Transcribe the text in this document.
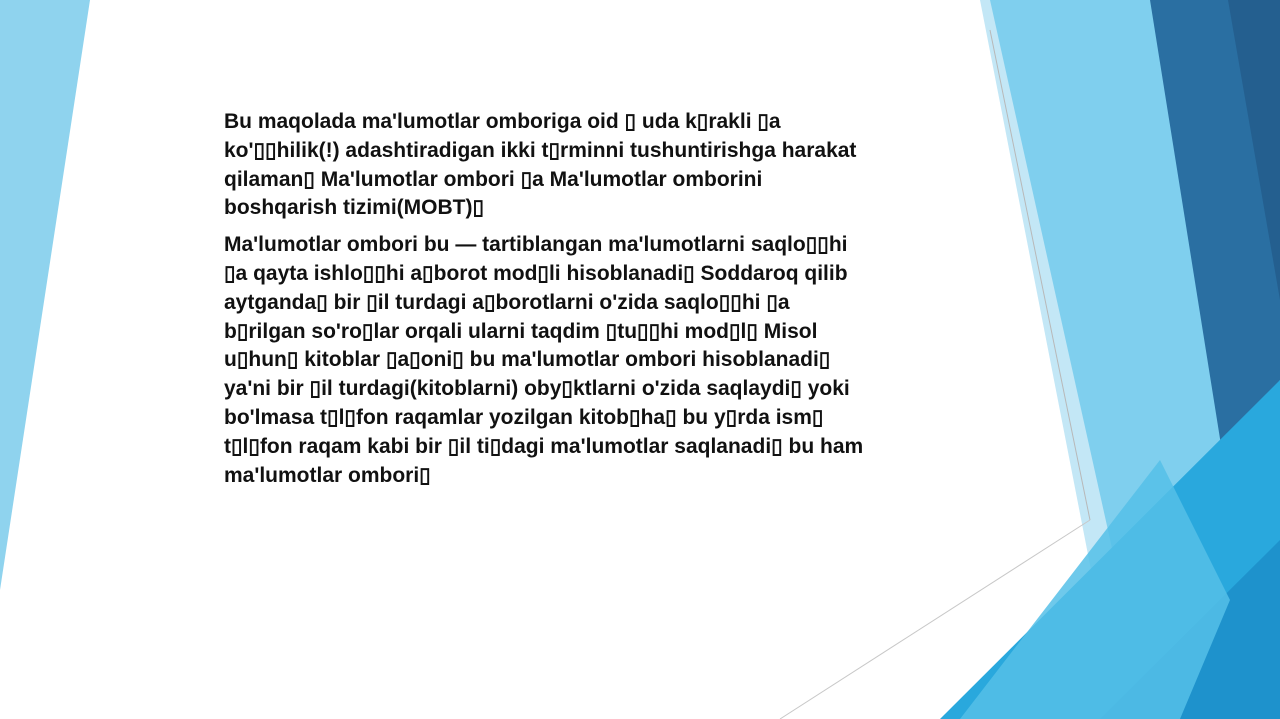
Bu maqolada ma'lumotlar omboriga oid ▯ uda k▯rakli ▯a ko'▯▯hilik(!) adashtiradigan ikki t▯rminni tushuntirishga harakat qilaman▯ Ma'lumotlar ombori ▯a Ma'lumotlar omborini boshqarish tizimi(MOBT)▯

Ma'lumotlar ombori bu — tartiblangan ma'lumotlarni saqlo▯▯hi ▯a qayta ishlo▯▯hi a▯borot mod▯li hisoblanadi▯ Soddaroq qilib aytganda▯ bir ▯il turdagi a▯borotlarni o'zida saqlo▯▯hi ▯a b▯rilgan so'ro▯lar orqali ularni taqdim ▯tu▯▯hi mod▯l▯ Misol u▯hun▯ kitoblar ▯a▯oni▯ bu ma'lumotlar ombori hisoblanadi▯ ya'ni bir ▯il turdagi(kitoblarni) oby▯ktlarni o'zida saqlaydi▯ yoki bo'lmasa t▯l▯fon raqamlar yozilgan kitob▯ha▯ bu y▯rda ism▯ t▯l▯fon raqam kabi bir ▯il ti▯dagi ma'lumotlar saqlanadi▯ bu ham ma'lumotlar ombori▯
